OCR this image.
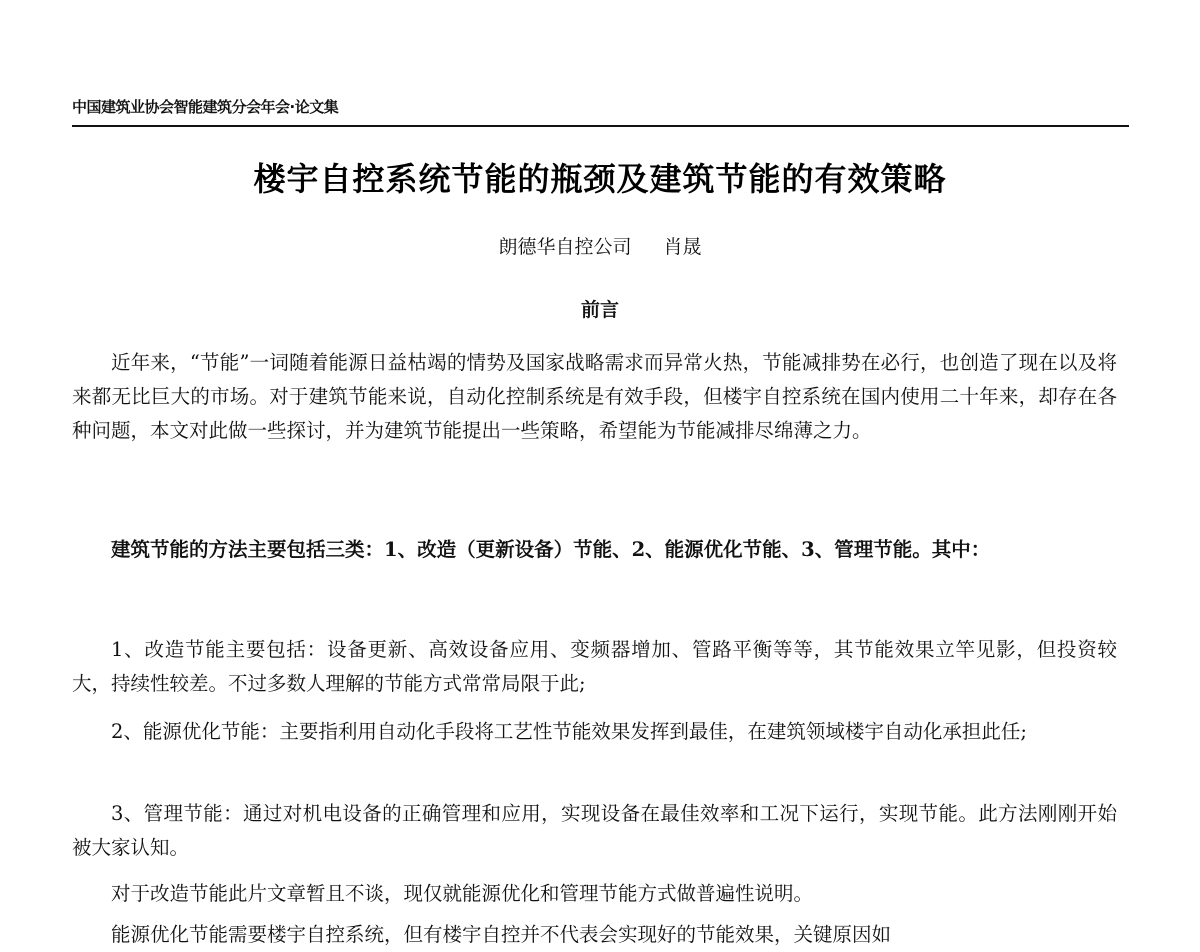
中国建筑业协会智能建筑分会年会·论文集
楼宇自控系统节能的瓶颈及建筑节能的有效策略
朗德华自控公司 肖晟
前言

近年来，“节能”一词随着能源日益枯竭的情势及国家战略需求而异常火热，节能减排势在必行，也创造了现在以及将来都无比巨大的市场。对于建筑节能来说，自动化控制系统是有效手段，但楼宇自控系统在国内使用二十年来，却存在各种问题，本文对此做一些探讨，并为建筑节能提出一些策略，希望能为节能减排尽绵薄之力。

建筑节能的方法主要包括三类：1、改造（更新设备）节能、2、能源优化节能、3、管理节能。其中：

1、改造节能主要包括：设备更新、高效设备应用、变频器增加、管路平衡等等，其节能效果立竿见影，但投资较大，持续性较差。不过多数人理解的节能方式常常局限于此;

2、能源优化节能：主要指利用自动化手段将工艺性节能效果发挥到最佳，在建筑领域楼宇自动化承担此任;

3、管理节能：通过对机电设备的正确管理和应用，实现设备在最佳效率和工况下运行，实现节能。此方法刚刚开始被大家认知。

对于改造节能此片文章暂且不谈，现仅就能源优化和管理节能方式做普遍性说明。

能源优化节能需要楼宇自控系统，但有楼宇自控并不代表会实现好的节能效果，关键原因如
